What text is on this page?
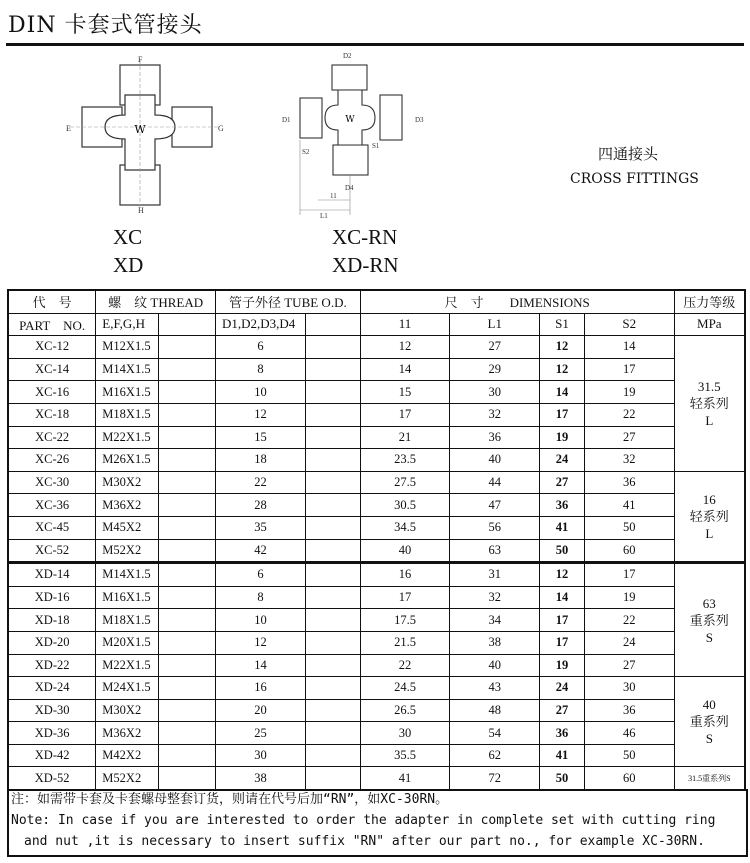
DIN 卡套式管接头
W
F
E	G
H
W
D2
D1	D3
S2
S1
D4
11
L1
XC
XD
XC-RN
XD-RN
四通接头
CROSS FITTINGS
代　号	螺　纹 THREAD		管子外径 TUBE O.D.		尺　寸　　DIMENSIONS				压力等级
PART　NO.	E,F,G,H		D1,D2,D3,D4		11	L1	S1	S2	MPa
XC-12	M12X1.5		6		12	27	12	14	31.5
轻系列
L

XC-14	M14X1.5		8		14	29	12	17	
XC-16	M16X1.5		10		15	30	14	19	
XC-18	M18X1.5		12		17	32	17	22	
XC-22	M22X1.5		15		21	36	19	27	
XC-26	M26X1.5		18		23.5	40	24	32	
XC-30	M30X2		22		27.5	44	27	36	16
轻系列
L

XC-36	M36X2		28		30.5	47	36	41	
XC-45	M45X2		35		34.5	56	41	50	
XC-52	M52X2		42		40	63	50	60	
XD-14	M14X1.5		6		16	31	12	17	63
重系列
S

XD-16	M16X1.5		8		17	32	14	19	
XD-18	M18X1.5		10		17.5	34	17	22	
XD-20	M20X1.5		12		21.5	38	17	24	
XD-22	M22X1.5		14		22	40	19	27	
XD-24	M24X1.5		16		24.5	43	24	30	40
重系列
S

XD-30	M30X2		20		26.5	48	27	36	
XD-36	M36X2		25		30	54	36	46	
XD-42	M42X2		30		35.5	62	41	50	
XD-52	M52X2		38		41	72	50	60	31.5重系列S
注：如需带卡套及卡套螺母整套订货，则请在代号后加“RN”，如XC-30RN。
Note: In case if you are interested to order the adapter in complete set with cutting ring
　and nut ,it is necessary to insert suffix "RN" after our part no., for example XC-30RN.
